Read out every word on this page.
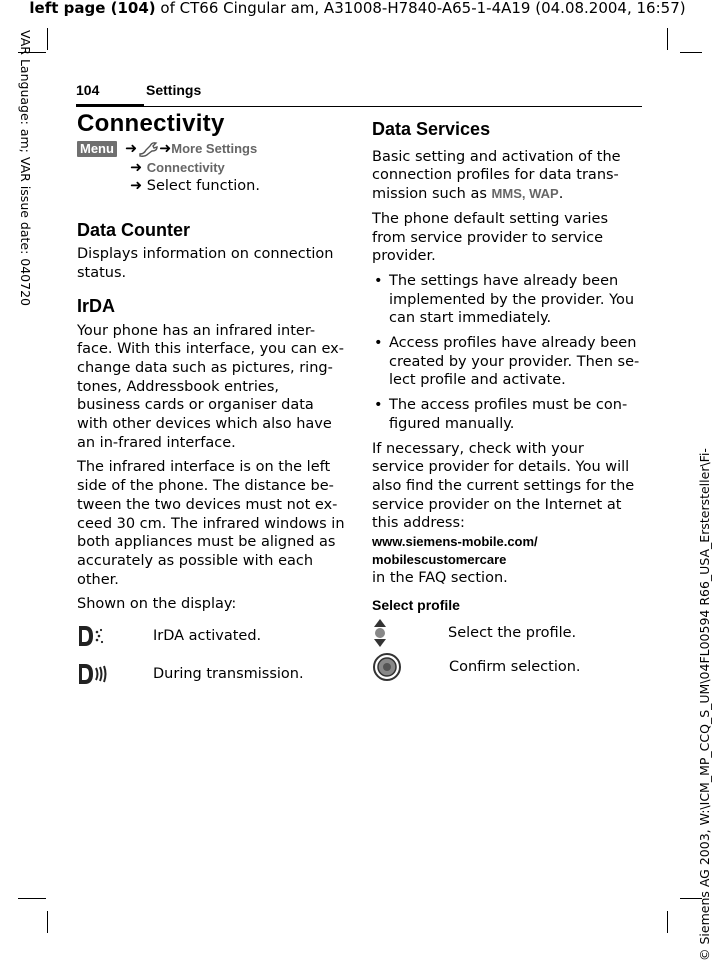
left page (104) of CT66 Cingular am, A31008-H7840-A65-1-4A19 (04.08.2004, 16:57)
VAR Language: am; VAR issue date: 040720
© Siemens AG 2003, W:\ICM_MP_CCQ_S_UM\04FL00594 R66_USA_Erstersteller\Fi-
104	Settings
Connectivity
Menu ➜ ➜ More Settings
➜ Connectivity
➜ Select function.
Data Counter

Displays information on connection status.

IrDA

Your phone has an infrared inter-face. With this interface, you can ex-change data such as pictures, ring-tones, Addressbook entries, business cards or organiser data with other devices which also have an in-frared interface.

The infrared interface is on the left side of the phone. The distance be-tween the two devices must not ex-ceed 30 cm. The infrared windows in both appliances must be aligned as accurately as possible with each other.

Shown on the display:

IrDA activated.
During transmission.
Data Services

Basic setting and activation of the connection profiles for data trans-mission such as MMS, WAP.

The phone default setting varies from service provider to service provider.

• The settings have already been implemented by the provider. You can start immediately.
• Access profiles have already been created by your provider. Then se-lect profile and activate.
• The access profiles must be con-figured manually.

If necessary, check with your service provider for details. You will also find the current settings for the service provider on the Internet at this address:

www.siemens-mobile.com/
mobilescustomercare

in the FAQ section.

Select profile
Select the profile.
Confirm selection.
